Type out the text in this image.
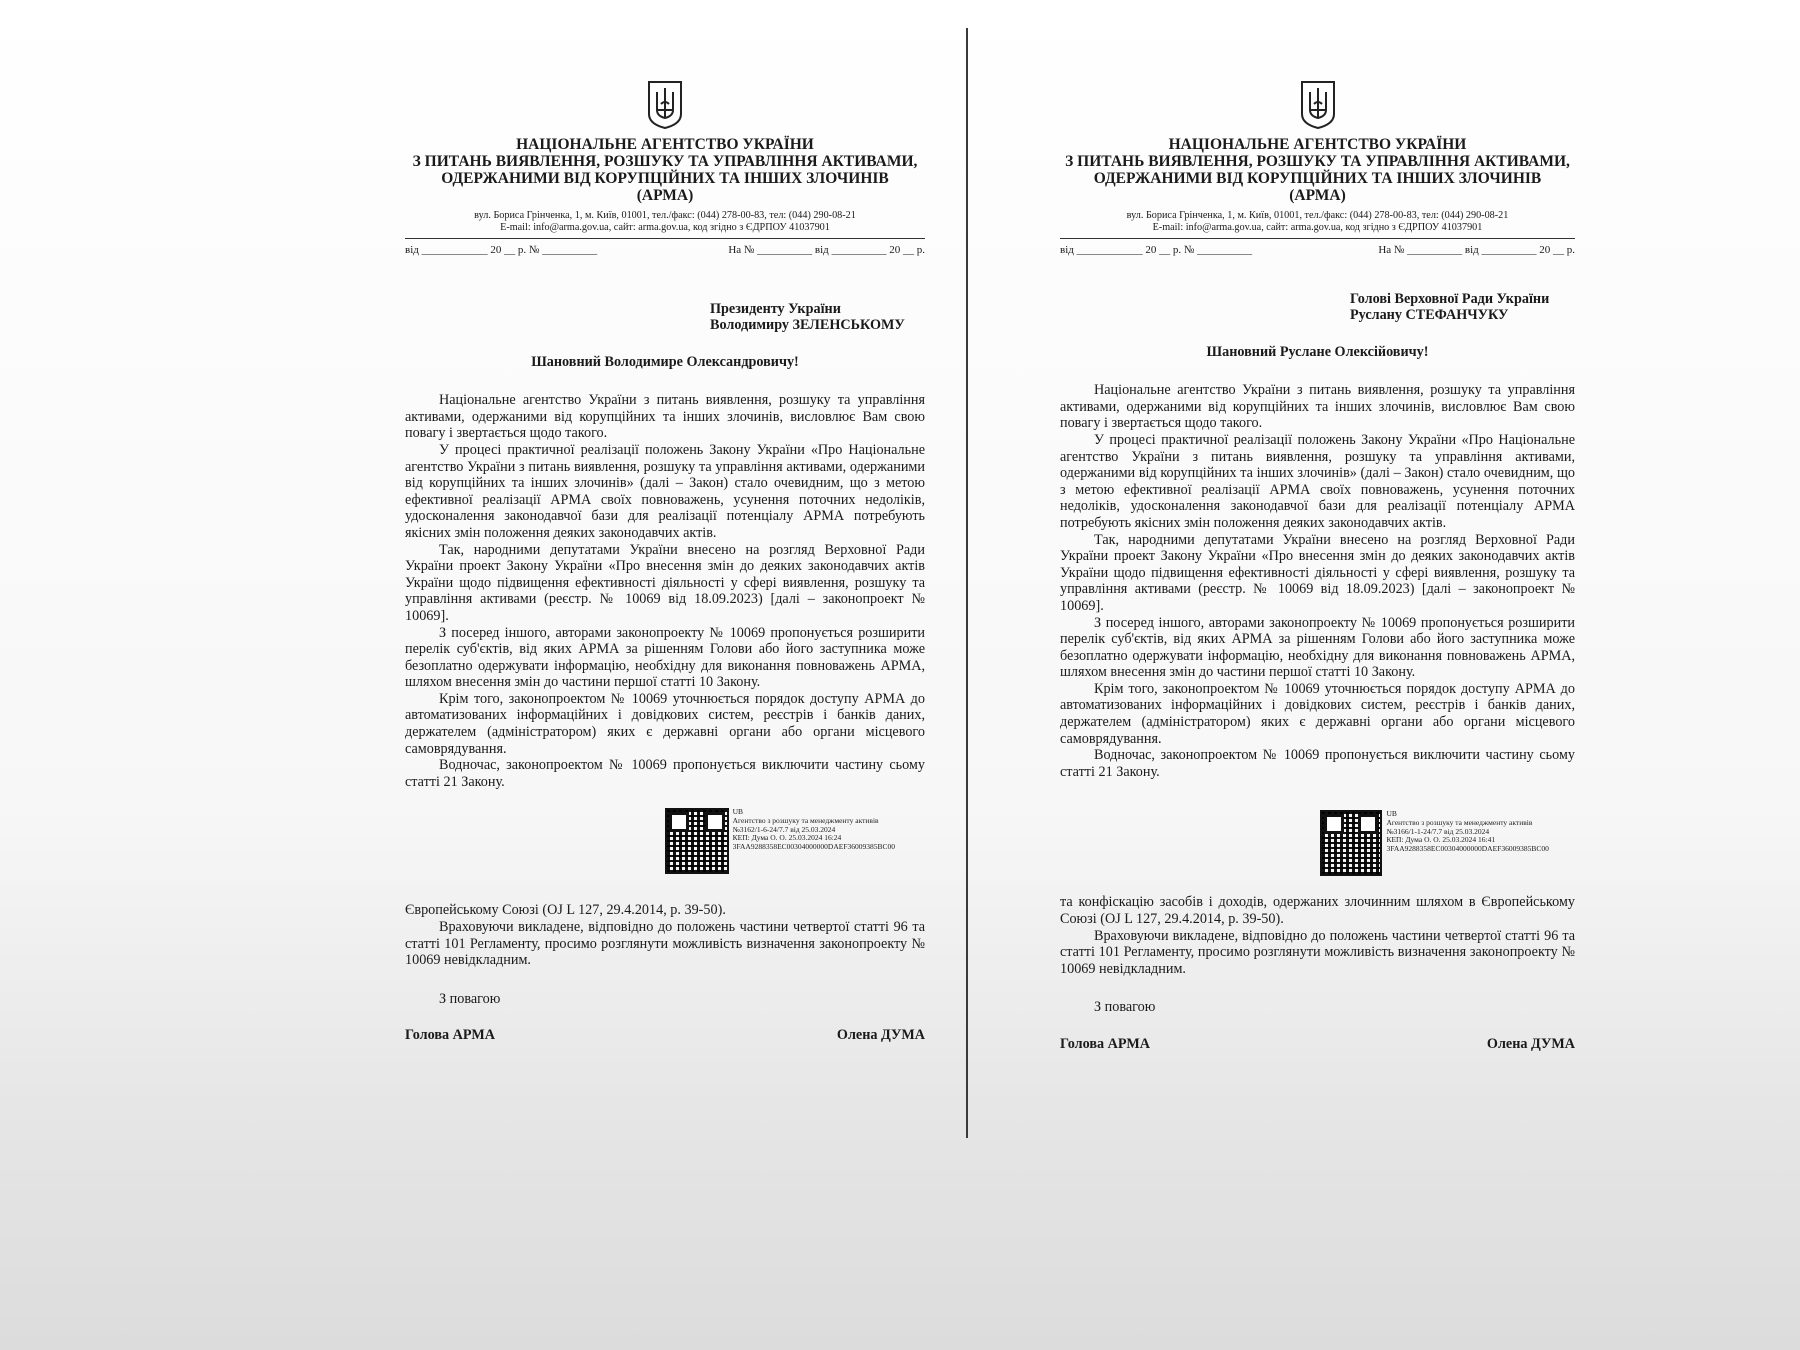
НАЦІОНАЛЬНЕ АГЕНТСТВО УКРАЇНИ
З ПИТАНЬ ВИЯВЛЕННЯ, РОЗШУКУ ТА УПРАВЛІННЯ АКТИВАМИ,
ОДЕРЖАНИМИ ВІД КОРУПЦІЙНИХ ТА ІНШИХ ЗЛОЧИНІВ
(АРМА)
вул. Бориса Грінченка, 1, м. Київ, 01001, тел./факс: (044) 278-00-83, тел: (044) 290-08-21
E-mail: info@arma.gov.ua, сайт: arma.gov.ua, код згідно з ЄДРПОУ 41037901
від ____________ 20 __ р. № __________	На № __________ від __________ 20 __ р.
Президенту України
Володимиру ЗЕЛЕНСЬКОМУ
Шановний Володимире Олександровичу!

Національне агентство України з питань виявлення, розшуку та управління активами, одержаними від корупційних та інших злочинів, висловлює Вам свою повагу і звертається щодо такого.

У процесі практичної реалізації положень Закону України «Про Національне агентство України з питань виявлення, розшуку та управління активами, одержаними від корупційних та інших злочинів» (далі – Закон) стало очевидним, що з метою ефективної реалізації АРМА своїх повноважень, усунення поточних недоліків, удосконалення законодавчої бази для реалізації потенціалу АРМА потребують якісних змін положення деяких законодавчих актів.

Так, народними депутатами України внесено на розгляд Верховної Ради України проект Закону України «Про внесення змін до деяких законодавчих актів України щодо підвищення ефективності діяльності у сфері виявлення, розшуку та управління активами (реєстр. № 10069 від 18.09.2023) [далі – законопроект № 10069].

З посеред іншого, авторами законопроекту № 10069 пропонується розширити перелік суб'єктів, від яких АРМА за рішенням Голови або його заступника може безоплатно одержувати інформацію, необхідну для виконання повноважень АРМА, шляхом внесення змін до частини першої статті 10 Закону.

Крім того, законопроектом № 10069 уточнюється порядок доступу АРМА до автоматизованих інформаційних і довідкових систем, реєстрів і банків даних, держателем (адміністратором) яких є державні органи або органи місцевого самоврядування.

Водночас, законопроектом № 10069 пропонується виключити частину сьому статті 21 Закону.

UB
Агентство з розшуку та менеджменту активів
№3162/1-6-24/7.7 від 25.03.2024
КЕП: Дума О. О. 25.03.2024 16:24
3FAA9288358EC00304000000DAEF36009385BC00

Європейському Союзі (OJ L 127, 29.4.2014, p. 39-50).

Враховуючи викладене, відповідно до положень частини четвертої статті 96 та статті 101 Регламенту, просимо розглянути можливість визначення законопроекту № 10069 невідкладним.

З повагою
Голова АРМА	Олена ДУМА
НАЦІОНАЛЬНЕ АГЕНТСТВО УКРАЇНИ
З ПИТАНЬ ВИЯВЛЕННЯ, РОЗШУКУ ТА УПРАВЛІННЯ АКТИВАМИ,
ОДЕРЖАНИМИ ВІД КОРУПЦІЙНИХ ТА ІНШИХ ЗЛОЧИНІВ
(АРМА)
вул. Бориса Грінченка, 1, м. Київ, 01001, тел./факс: (044) 278-00-83, тел: (044) 290-08-21
E-mail: info@arma.gov.ua, сайт: arma.gov.ua, код згідно з ЄДРПОУ 41037901
від ____________ 20 __ р. № __________	На № __________ від __________ 20 __ р.
Голові Верховної Ради України
Руслану СТЕФАНЧУКУ
Шановний Руслане Олексійовичу!

Національне агентство України з питань виявлення, розшуку та управління активами, одержаними від корупційних та інших злочинів, висловлює Вам свою повагу і звертається щодо такого.

У процесі практичної реалізації положень Закону України «Про Національне агентство України з питань виявлення, розшуку та управління активами, одержаними від корупційних та інших злочинів» (далі – Закон) стало очевидним, що з метою ефективної реалізації АРМА своїх повноважень, усунення поточних недоліків, удосконалення законодавчої бази для реалізації потенціалу АРМА потребують якісних змін положення деяких законодавчих актів.

Так, народними депутатами України внесено на розгляд Верховної Ради України проект Закону України «Про внесення змін до деяких законодавчих актів України щодо підвищення ефективності діяльності у сфері виявлення, розшуку та управління активами (реєстр. № 10069 від 18.09.2023) [далі – законопроект № 10069].

З посеред іншого, авторами законопроекту № 10069 пропонується розширити перелік суб'єктів, від яких АРМА за рішенням Голови або його заступника може безоплатно одержувати інформацію, необхідну для виконання повноважень АРМА, шляхом внесення змін до частини першої статті 10 Закону.

Крім того, законопроектом № 10069 уточнюється порядок доступу АРМА до автоматизованих інформаційних і довідкових систем, реєстрів і банків даних, держателем (адміністратором) яких є державні органи або органи місцевого самоврядування.

Водночас, законопроектом № 10069 пропонується виключити частину сьому статті 21 Закону.

UB
Агентство з розшуку та менеджменту активів
№3166/1-1-24/7.7 від 25.03.2024
КЕП: Дума О. О. 25.03.2024 16:41
3FAA9288358EC00304000000DAEF36009385BC00

та конфіскацію засобів і доходів, одержаних злочинним шляхом в Європейському Союзі (OJ L 127, 29.4.2014, p. 39-50).

Враховуючи викладене, відповідно до положень частини четвертої статті 96 та статті 101 Регламенту, просимо розглянути можливість визначення законопроекту № 10069 невідкладним.

З повагою
Голова АРМА	Олена ДУМА
